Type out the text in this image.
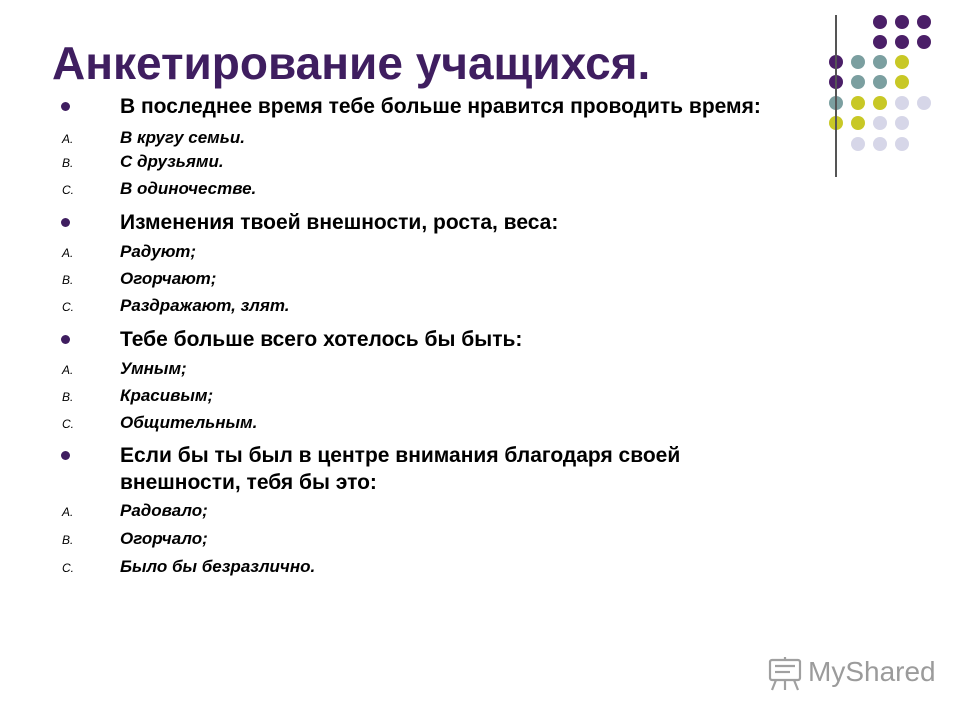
Анкетирование учащихся.
В последнее время тебе больше нравится проводить время:
A.	В кругу семьи.
B.	С друзьями.
C.	В одиночестве.
Изменения твоей внешности, роста, веса:
A.	Радуют;
B.	Огорчают;
C.	Раздражают, злят.
Тебе больше всего хотелось бы быть:
A.	Умным;
B.	Красивым;
C.	Общительным.
Если бы ты был в центре внимания благодаря своей внешности, тебя бы это:
A.	Радовало;
B.	Огорчало;
C.	Было бы безразлично.
MyShared
